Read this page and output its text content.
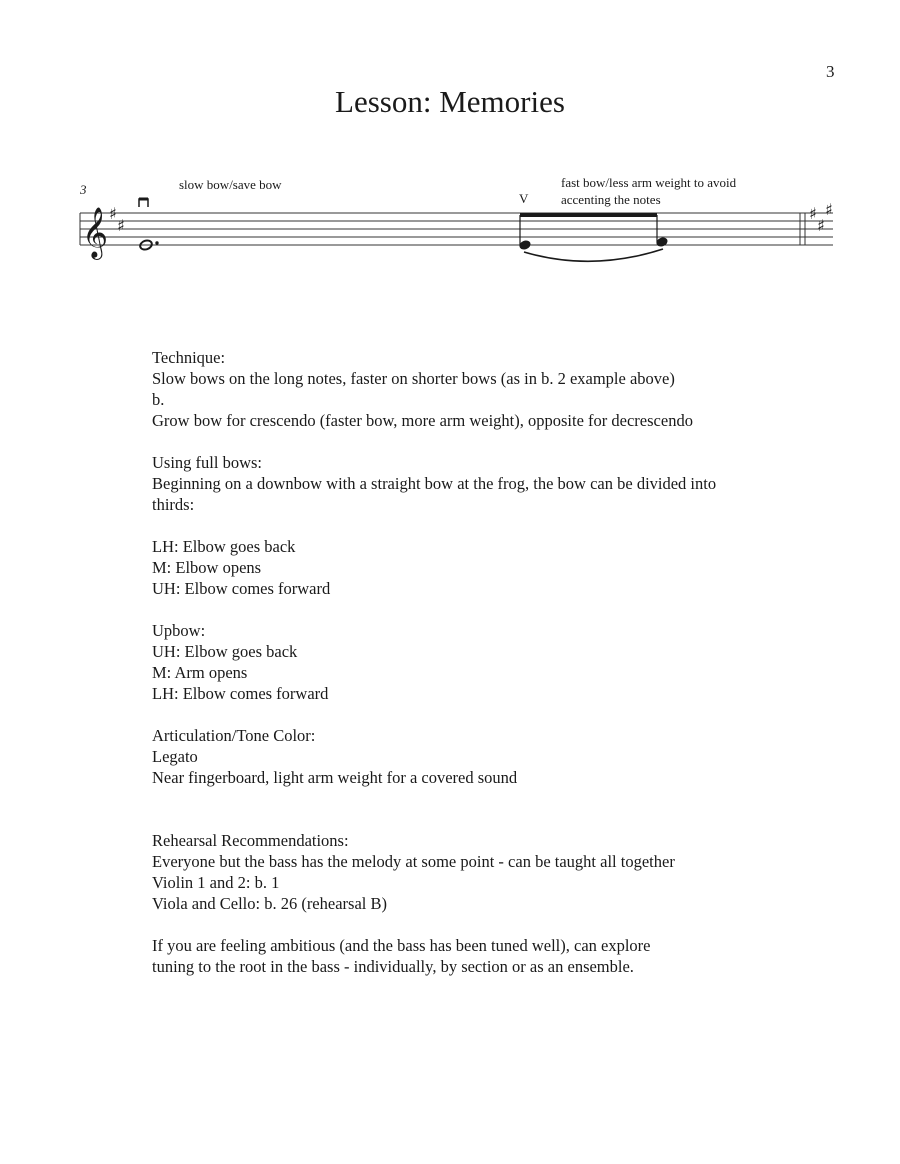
3
Lesson: Memories
3	slow bow/save bow	fast bow/less arm weight to avoid
accenting the notes
V
𝄞 ♯
♯
♯
♯
♯
Technique:
Slow bows on the long notes, faster on shorter bows (as in b. 2 example above)
b.
Grow bow for crescendo (faster bow, more arm weight), opposite for decrescendo
Using full bows:
Beginning on a downbow with a straight bow at the frog, the bow can be divided into
thirds:
LH: Elbow goes back
M: Elbow opens
UH: Elbow comes forward
Upbow:
UH: Elbow goes back
M: Arm opens
LH: Elbow comes forward
Articulation/Tone Color:
Legato
Near fingerboard, light arm weight for a covered sound
Rehearsal Recommendations:
Everyone but the bass has the melody at some point - can be taught all together
Violin 1 and 2: b. 1
Viola and Cello: b. 26 (rehearsal B)
If you are feeling ambitious (and the bass has been tuned well), can explore
tuning to the root in the bass - individually, by section or as an ensemble.
